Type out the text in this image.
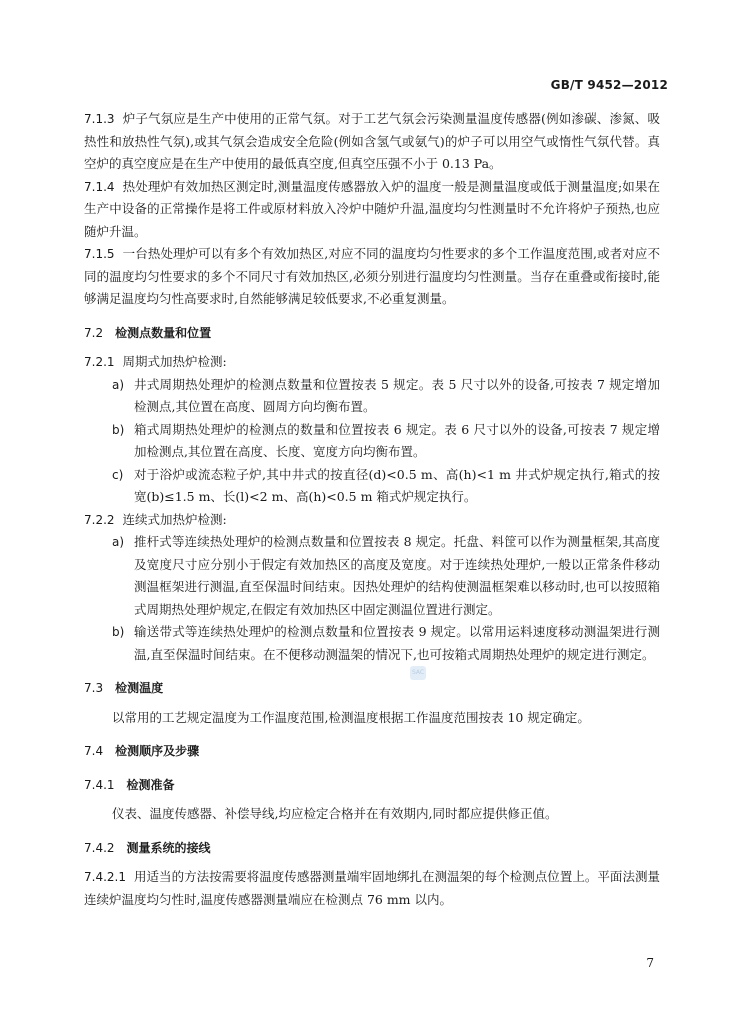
GB/T 9452—2012

7.1.3 炉子气氛应是生产中使用的正常气氛。对于工艺气氛会污染测量温度传感器(例如渗碳、渗氮、吸热性和放热性气氛),或其气氛会造成安全危险(例如含氢气或氨气)的炉子可以用空气或惰性气氛代替。真空炉的真空度应是在生产中使用的最低真空度,但真空压强不小于 0.13 Pa。

7.1.4 热处理炉有效加热区测定时,测量温度传感器放入炉的温度一般是测量温度或低于测量温度;如果在生产中设备的正常操作是将工件或原材料放入冷炉中随炉升温,温度均匀性测量时不允许将炉子预热,也应随炉升温。

7.1.5 一台热处理炉可以有多个有效加热区,对应不同的温度均匀性要求的多个工作温度范围,或者对应不同的温度均匀性要求的多个不同尺寸有效加热区,必须分别进行温度均匀性测量。当存在重叠或衔接时,能够满足温度均匀性高要求时,自然能够满足较低要求,不必重复测量。

7.2 检测点数量和位置

7.2.1 周期式加热炉检测:

a) 井式周期热处理炉的检测点数量和位置按表 5 规定。表 5 尺寸以外的设备,可按表 7 规定增加检测点,其位置在高度、圆周方向均衡布置。

b) 箱式周期热处理炉的检测点的数量和位置按表 6 规定。表 6 尺寸以外的设备,可按表 7 规定增加检测点,其位置在高度、长度、宽度方向均衡布置。

c) 对于浴炉或流态粒子炉,其中井式的按直径(d)<0.5 m、高(h)<1 m 井式炉规定执行,箱式的按宽(b)≤1.5 m、长(l)<2 m、高(h)<0.5 m 箱式炉规定执行。

7.2.2 连续式加热炉检测:

a) 推杆式等连续热处理炉的检测点数量和位置按表 8 规定。托盘、料筐可以作为测量框架,其高度及宽度尺寸应分别小于假定有效加热区的高度及宽度。对于连续热处理炉,一般以正常条件移动测温框架进行测温,直至保温时间结束。因热处理炉的结构使测温框架难以移动时,也可以按照箱式周期热处理炉规定,在假定有效加热区中固定测温位置进行测定。

b) 输送带式等连续热处理炉的检测点数量和位置按表 9 规定。以常用运料速度移动测温架进行测温,直至保温时间结束。在不便移动测温架的情况下,也可按箱式周期热处理炉的规定进行测定。

7.3 检测温度

以常用的工艺规定温度为工作温度范围,检测温度根据工作温度范围按表 10 规定确定。

7.4 检测顺序及步骤
7.4.1 检测准备

仪表、温度传感器、补偿导线,均应检定合格并在有效期内,同时都应提供修正值。

7.4.2 测量系统的接线

7.4.2.1 用适当的方法按需要将温度传感器测量端牢固地绑扎在测温架的每个检测点位置上。平面法测量连续炉温度均匀性时,温度传感器测量端应在检测点 76 mm 以内。

SAC
7
